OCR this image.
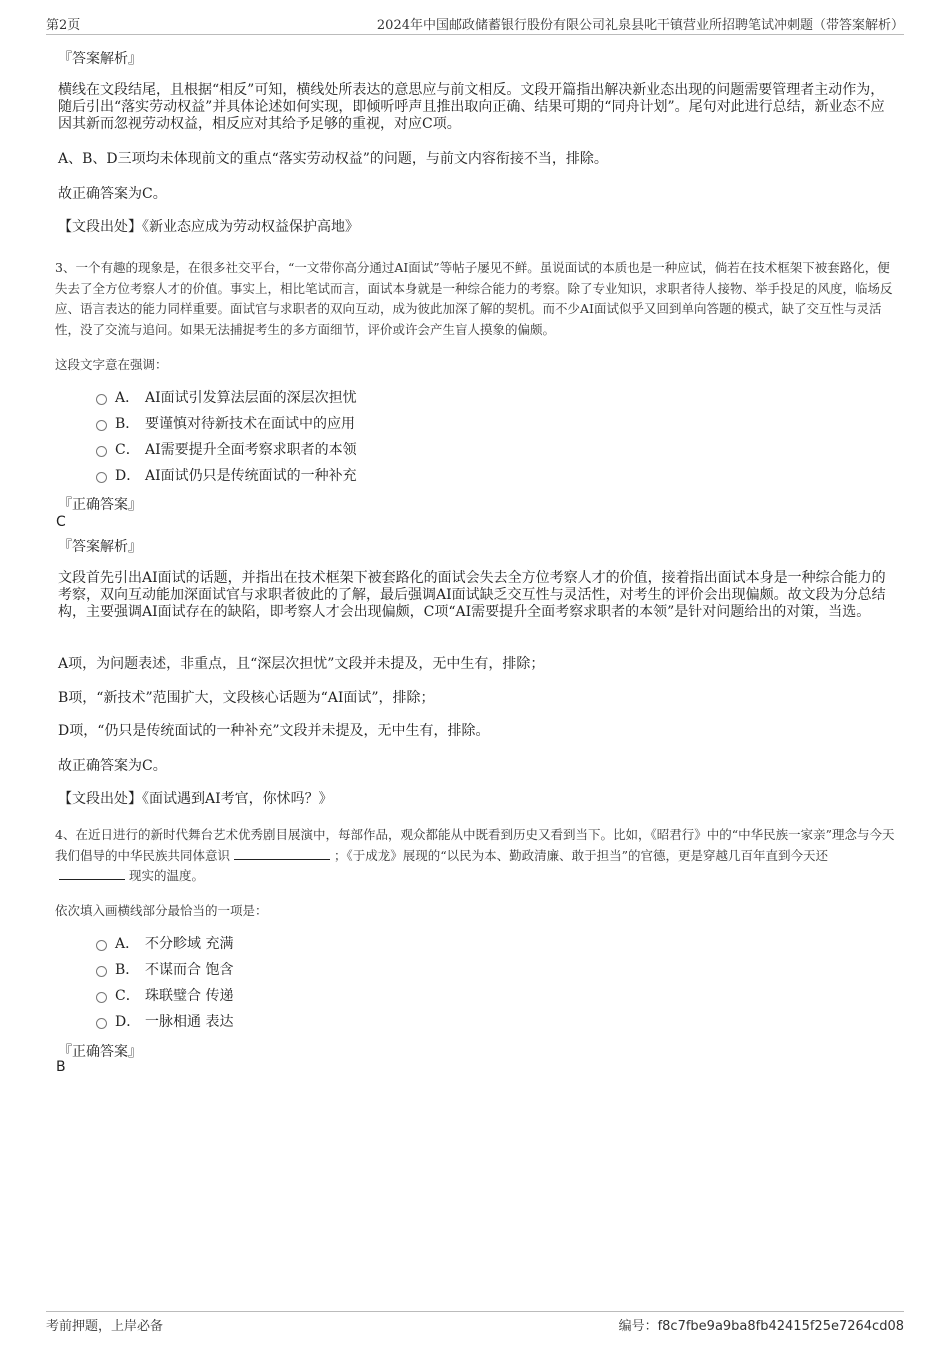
第2页	2024年中国邮政储蓄银行股份有限公司礼泉县叱干镇营业所招聘笔试冲刺题（带答案解析）
『答案解析』
横线在文段结尾，且根据“相反”可知，横线处所表达的意思应与前文相反。文段开篇指出解决新业态出现的问题需要管理者主动作为，随后引出“落实劳动权益”并具体论述如何实现，即倾听呼声且推出取向正确、结果可期的“同舟计划”。尾句对此进行总结，新业态不应因其新而忽视劳动权益，相反应对其给予足够的重视，对应C项。
A、B、D三项均未体现前文的重点“落实劳动权益”的问题，与前文内容衔接不当，排除。
故正确答案为C。
【文段出处】《新业态应成为劳动权益保护高地》
3、一个有趣的现象是，在很多社交平台，“一文带你高分通过AI面试”等帖子屡见不鲜。虽说面试的本质也是一种应试，倘若在技术框架下被套路化，便失去了全方位考察人才的价值。事实上，相比笔试而言，面试本身就是一种综合能力的考察。除了专业知识，求职者待人接物、举手投足的风度，临场反应、语言表达的能力同样重要。面试官与求职者的双向互动，成为彼此加深了解的契机。而不少AI面试似乎又回到单向答题的模式，缺了交互性与灵活性，没了交流与追问。如果无法捕捉考生的多方面细节，评价或许会产生盲人摸象的偏颇。
这段文字意在强调：
A． AI面试引发算法层面的深层次担忧
B． 要谨慎对待新技术在面试中的应用
C． AI需要提升全面考察求职者的本领
D． AI面试仍只是传统面试的一种补充
『正确答案』
C
『答案解析』
文段首先引出AI面试的话题，并指出在技术框架下被套路化的面试会失去全方位考察人才的价值，接着指出面试本身是一种综合能力的考察，双向互动能加深面试官与求职者彼此的了解，最后强调AI面试缺乏交互性与灵活性，对考生的评价会出现偏颇。故文段为分总结构，主要强调AI面试存在的缺陷，即考察人才会出现偏颇，C项“AI需要提升全面考察求职者的本领”是针对问题给出的对策，当选。
A项，为问题表述，非重点，且“深层次担忧”文段并未提及，无中生有，排除；
B项，“新技术”范围扩大，文段核心话题为“AI面试”，排除；
D项，“仍只是传统面试的一种补充”文段并未提及，无中生有，排除。
故正确答案为C。
【文段出处】《面试遇到AI考官，你怵吗？》
4、在近日进行的新时代舞台艺术优秀剧目展演中，每部作品，观众都能从中既看到历史又看到当下。比如，《昭君行》中的“中华民族一家亲”理念与今天我们倡导的中华民族共同体意识	；《于成龙》展现的“以民为本、勤政清廉、敢于担当”的官德，更是穿越几百年直到今天还现实的温度。
依次填入画横线部分最恰当的一项是：
A． 不分畛域 充满
B． 不谋而合 饱含
C． 珠联璧合 传递
D． 一脉相通 表达
『正确答案』
B
考前押题，上岸必备	编号：f8c7fbe9a9ba8fb42415f25e7264cd08
